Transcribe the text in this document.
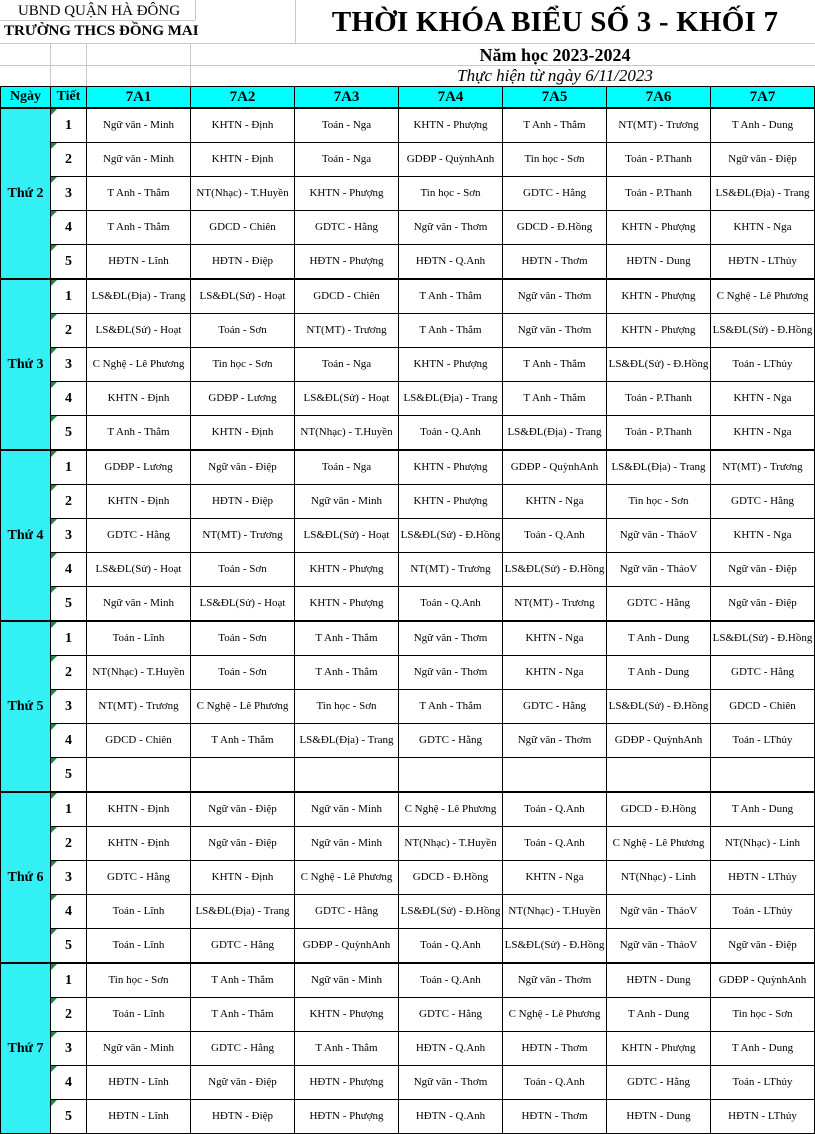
UBND QUẬN HÀ ĐÔNG
TRƯỜNG THCS ĐỒNG MAI	THỜI KHÓA BIỂU SỐ 3 - KHỐI 7
Năm học 2023-2024
Thực hiện từ ngày 6/11/2023
Ngày	Tiết	7A1	7A2	7A3	7A4	7A5	7A6	7A7
Thứ 2	1	Ngữ văn - Minh	KHTN - Định	Toán - Nga	KHTN - Phượng	T Anh - Thắm	NT(MT) - Trương	T Anh - Dung
	2	Ngữ văn - Minh	KHTN - Định	Toán - Nga	GDĐP - QuỳnhAnh	Tin học - Sơn	Toán - P.Thanh	Ngữ văn - Điệp
	3	T Anh - Thắm	NT(Nhạc) - T.Huyền	KHTN - Phượng	Tin học - Sơn	GDTC - Hằng	Toán - P.Thanh	LS&ĐL(Địa) - Trang
	4	T Anh - Thắm	GDCD - Chiên	GDTC - Hằng	Ngữ văn - Thơm	GDCD - Đ.Hồng	KHTN - Phượng	KHTN - Nga
	5	HĐTN - Lĩnh	HĐTN - Điệp	HĐTN - Phượng	HĐTN - Q.Anh	HĐTN - Thơm	HĐTN - Dung	HĐTN - LThủy
Thứ 3	1	LS&ĐL(Địa) - Trang	LS&ĐL(Sử) - Hoạt	GDCD - Chiên	T Anh - Thắm	Ngữ văn - Thơm	KHTN - Phượng	C Nghệ - Lê Phương
	2	LS&ĐL(Sử) - Hoạt	Toán - Sơn	NT(MT) - Trương	T Anh - Thắm	Ngữ văn - Thơm	KHTN - Phượng	LS&ĐL(Sử) - Đ.Hồng
	3	C Nghệ - Lê Phương	Tin học - Sơn	Toán - Nga	KHTN - Phượng	T Anh - Thắm	LS&ĐL(Sử) - Đ.Hồng	Toán - LThủy
	4	KHTN - Định	GDĐP - Lương	LS&ĐL(Sử) - Hoạt	LS&ĐL(Địa) - Trang	T Anh - Thắm	Toán - P.Thanh	KHTN - Nga
	5	T Anh - Thắm	KHTN - Định	NT(Nhạc) - T.Huyền	Toán - Q.Anh	LS&ĐL(Địa) - Trang	Toán - P.Thanh	KHTN - Nga
Thứ 4	1	GDĐP - Lương	Ngữ văn - Điệp	Toán - Nga	KHTN - Phượng	GDĐP - QuỳnhAnh	LS&ĐL(Địa) - Trang	NT(MT) - Trương
	2	KHTN - Định	HĐTN - Điệp	Ngữ văn - Minh	KHTN - Phượng	KHTN - Nga	Tin học - Sơn	GDTC - Hằng
	3	GDTC - Hằng	NT(MT) - Trương	LS&ĐL(Sử) - Hoạt	LS&ĐL(Sử) - Đ.Hồng	Toán - Q.Anh	Ngữ văn - ThảoV	KHTN - Nga
	4	LS&ĐL(Sử) - Hoạt	Toán - Sơn	KHTN - Phượng	NT(MT) - Trương	LS&ĐL(Sử) - Đ.Hồng	Ngữ văn - ThảoV	Ngữ văn - Điệp
	5	Ngữ văn - Minh	LS&ĐL(Sử) - Hoạt	KHTN - Phượng	Toán - Q.Anh	NT(MT) - Trương	GDTC - Hằng	Ngữ văn - Điệp
Thứ 5	1	Toán - Lĩnh	Toán - Sơn	T Anh - Thắm	Ngữ văn - Thơm	KHTN - Nga	T Anh - Dung	LS&ĐL(Sử) - Đ.Hồng
	2	NT(Nhạc) - T.Huyền	Toán - Sơn	T Anh - Thắm	Ngữ văn - Thơm	KHTN - Nga	T Anh - Dung	GDTC - Hằng
	3	NT(MT) - Trương	C Nghệ - Lê Phương	Tin học - Sơn	T Anh - Thắm	GDTC - Hằng	LS&ĐL(Sử) - Đ.Hồng	GDCD - Chiên
	4	GDCD - Chiên	T Anh - Thắm	LS&ĐL(Địa) - Trang	GDTC - Hằng	Ngữ văn - Thơm	GDĐP - QuỳnhAnh	Toán - LThủy
	5							
Thứ 6	1	KHTN - Định	Ngữ văn - Điệp	Ngữ văn - Minh	C Nghệ - Lê Phương	Toán - Q.Anh	GDCD - Đ.Hồng	T Anh - Dung
	2	KHTN - Định	Ngữ văn - Điệp	Ngữ văn - Minh	NT(Nhạc) - T.Huyền	Toán - Q.Anh	C Nghệ - Lê Phương	NT(Nhạc) - Linh
	3	GDTC - Hằng	KHTN - Định	C Nghệ - Lê Phương	GDCD - Đ.Hồng	KHTN - Nga	NT(Nhạc) - Linh	HĐTN - LThủy
	4	Toán - Lĩnh	LS&ĐL(Địa) - Trang	GDTC - Hằng	LS&ĐL(Sử) - Đ.Hồng	NT(Nhạc) - T.Huyền	Ngữ văn - ThảoV	Toán - LThủy
	5	Toán - Lĩnh	GDTC - Hằng	GDĐP - QuỳnhAnh	Toán - Q.Anh	LS&ĐL(Sử) - Đ.Hồng	Ngữ văn - ThảoV	Ngữ văn - Điệp
Thứ 7	1	Tin học - Sơn	T Anh - Thắm	Ngữ văn - Minh	Toán - Q.Anh	Ngữ văn - Thơm	HĐTN - Dung	GDĐP - QuỳnhAnh
	2	Toán - Lĩnh	T Anh - Thắm	KHTN - Phượng	GDTC - Hằng	C Nghệ - Lê Phương	T Anh - Dung	Tin học - Sơn
	3	Ngữ văn - Minh	GDTC - Hằng	T Anh - Thắm	HĐTN - Q.Anh	HĐTN - Thơm	KHTN - Phượng	T Anh - Dung
	4	HĐTN - Lĩnh	Ngữ văn - Điệp	HĐTN - Phượng	Ngữ văn - Thơm	Toán - Q.Anh	GDTC - Hằng	Toán - LThủy
	5	HĐTN - Lĩnh	HĐTN - Điệp	HĐTN - Phượng	HĐTN - Q.Anh	HĐTN - Thơm	HĐTN - Dung	HĐTN - LThủy
